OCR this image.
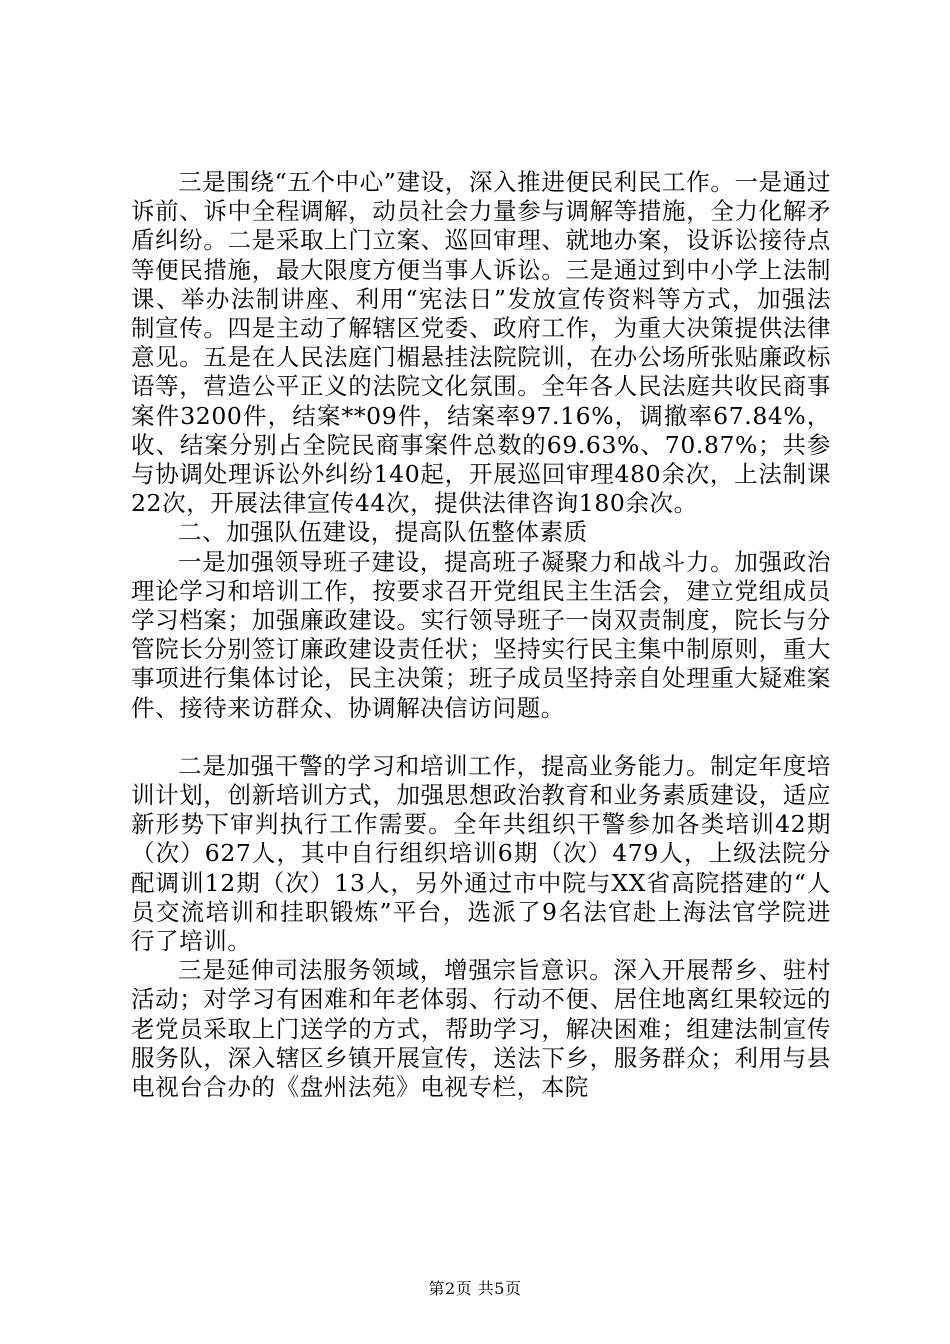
三是围绕“五个中心”建设，深入推进便民利民工作。一是通过诉前、诉中全程调解，动员社会力量参与调解等措施，全力化解矛盾纠纷。二是采取上门立案、巡回审理、就地办案，设诉讼接待点等便民措施，最大限度方便当事人诉讼。三是通过到中小学上法制课、举办法制讲座、利用“宪法日”发放宣传资料等方式，加强法制宣传。四是主动了解辖区党委、政府工作，为重大决策提供法律意见。五是在人民法庭门楣悬挂法院院训，在办公场所张贴廉政标语等，营造公平正义的法院文化氛围。全年各人民法庭共收民商事案件3200件，结案**09件，结案率97.16%，调撤率67.84%，收、结案分别占全院民商事案件总数的69.63%、70.87%；共参与协调处理诉讼外纠纷140起，开展巡回审理480余次，上法制课22次，开展法律宣传44次，提供法律咨询180余次。

二、加强队伍建设，提高队伍整体素质

一是加强领导班子建设，提高班子凝聚力和战斗力。加强政治理论学习和培训工作，按要求召开党组民主生活会，建立党组成员学习档案；加强廉政建设。实行领导班子一岗双责制度，院长与分管院长分别签订廉政建设责任状；坚持实行民主集中制原则，重大事项进行集体讨论，民主决策；班子成员坚持亲自处理重大疑难案件、接待来访群众、协调解决信访问题。

二是加强干警的学习和培训工作，提高业务能力。制定年度培训计划，创新培训方式，加强思想政治教育和业务素质建设，适应新形势下审判执行工作需要。全年共组织干警参加各类培训42期（次）627人，其中自行组织培训6期（次）479人，上级法院分配调训12期（次）13人，另外通过市中院与XX省高院搭建的“人员交流培训和挂职锻炼”平台，选派了9名法官赴上海法官学院进行了培训。

三是延伸司法服务领域，增强宗旨意识。深入开展帮乡、驻村活动；对学习有困难和年老体弱、行动不便、居住地离红果较远的老党员采取上门送学的方式，帮助学习，解决困难；组建法制宣传服务队，深入辖区乡镇开展宣传，送法下乡，服务群众；利用与县电视台合办的《盘州法苑》电视专栏，本院

第2页 共5页
